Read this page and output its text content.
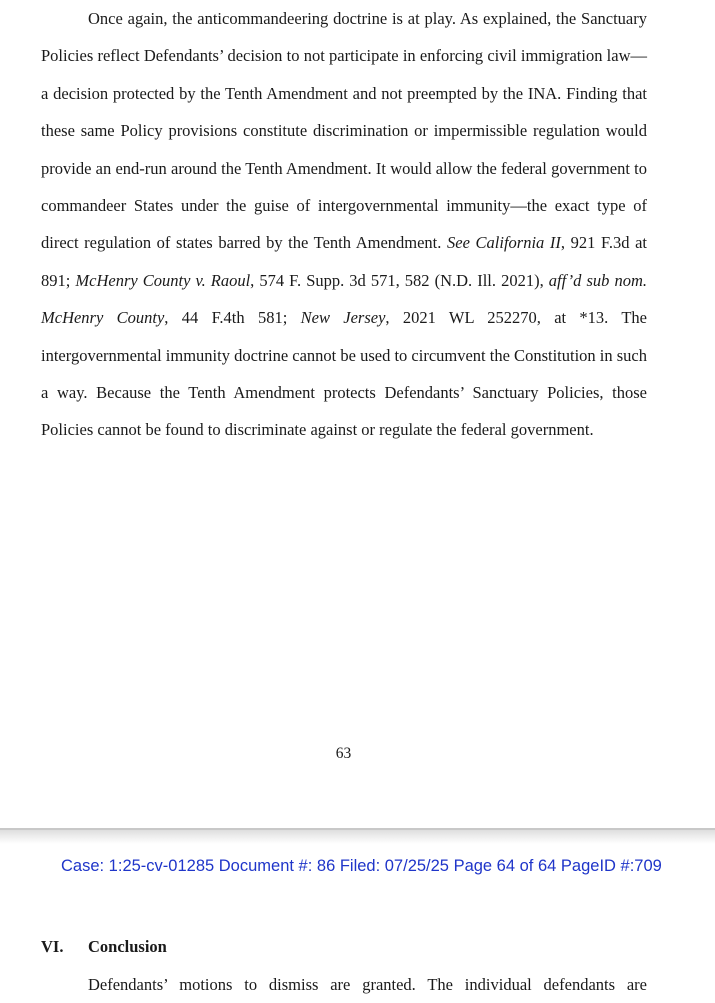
Once again, the anticommandeering doctrine is at play. As explained, the Sanctuary Policies reflect Defendants’ decision to not participate in enforcing civil immigration law—a decision protected by the Tenth Amendment and not preempted by the INA. Finding that these same Policy provisions constitute discrimination or impermissible regulation would provide an end-run around the Tenth Amendment. It would allow the federal government to commandeer States under the guise of intergovernmental immunity—the exact type of direct regulation of states barred by the Tenth Amendment. See California II, 921 F.3d at 891; McHenry County v. Raoul, 574 F. Supp. 3d 571, 582 (N.D. Ill. 2021), aff’d sub nom. McHenry County, 44 F.4th 581; New Jersey, 2021 WL 252270, at *13. The intergovernmental immunity doctrine cannot be used to circumvent the Constitution in such a way. Because the Tenth Amendment protects Defendants’ Sanctuary Policies, those Policies cannot be found to discriminate against or regulate the federal government.

63
Case: 1:25-cv-01285 Document #: 86 Filed: 07/25/25 Page 64 of 64 PageID #:709
VI. Conclusion

Defendants’ motions to dismiss are granted. The individual defendants are
